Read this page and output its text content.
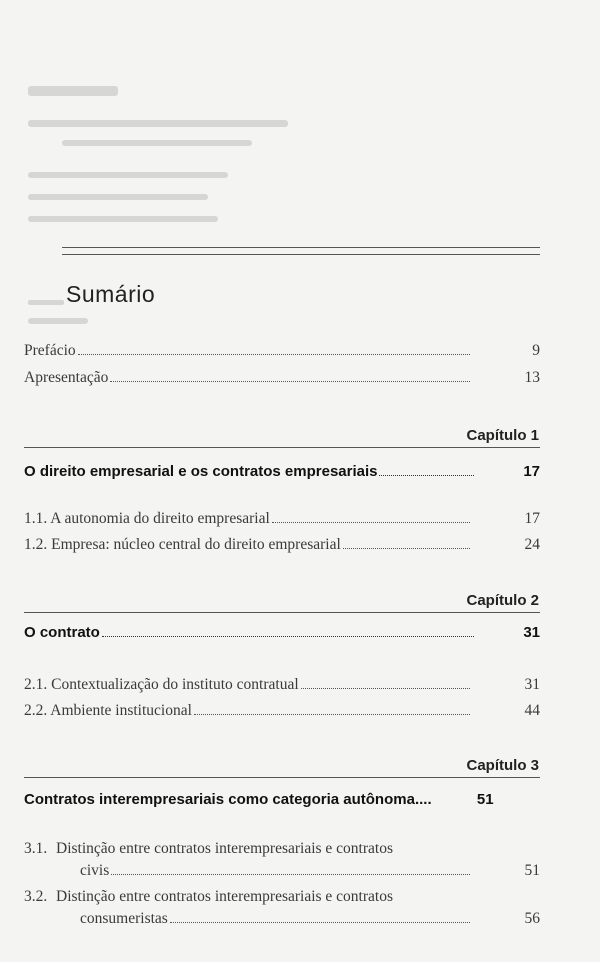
Sumário
Prefácio	9
Apresentação	13
Capítulo 1
O direito empresarial e os contratos empresariais	17
1.1. A autonomia do direito empresarial	17
1.2. Empresa: núcleo central do direito empresarial	24
Capítulo 2
O contrato	31
2.1. Contextualização do instituto contratual	31
2.2. Ambiente institucional	44
Capítulo 3
Contratos interempresariais como categoria autônoma....	51
3.1. Distinção entre contratos interempresariais e contratos
civis	51
3.2. Distinção entre contratos interempresariais e contratos
consumeristas	56
